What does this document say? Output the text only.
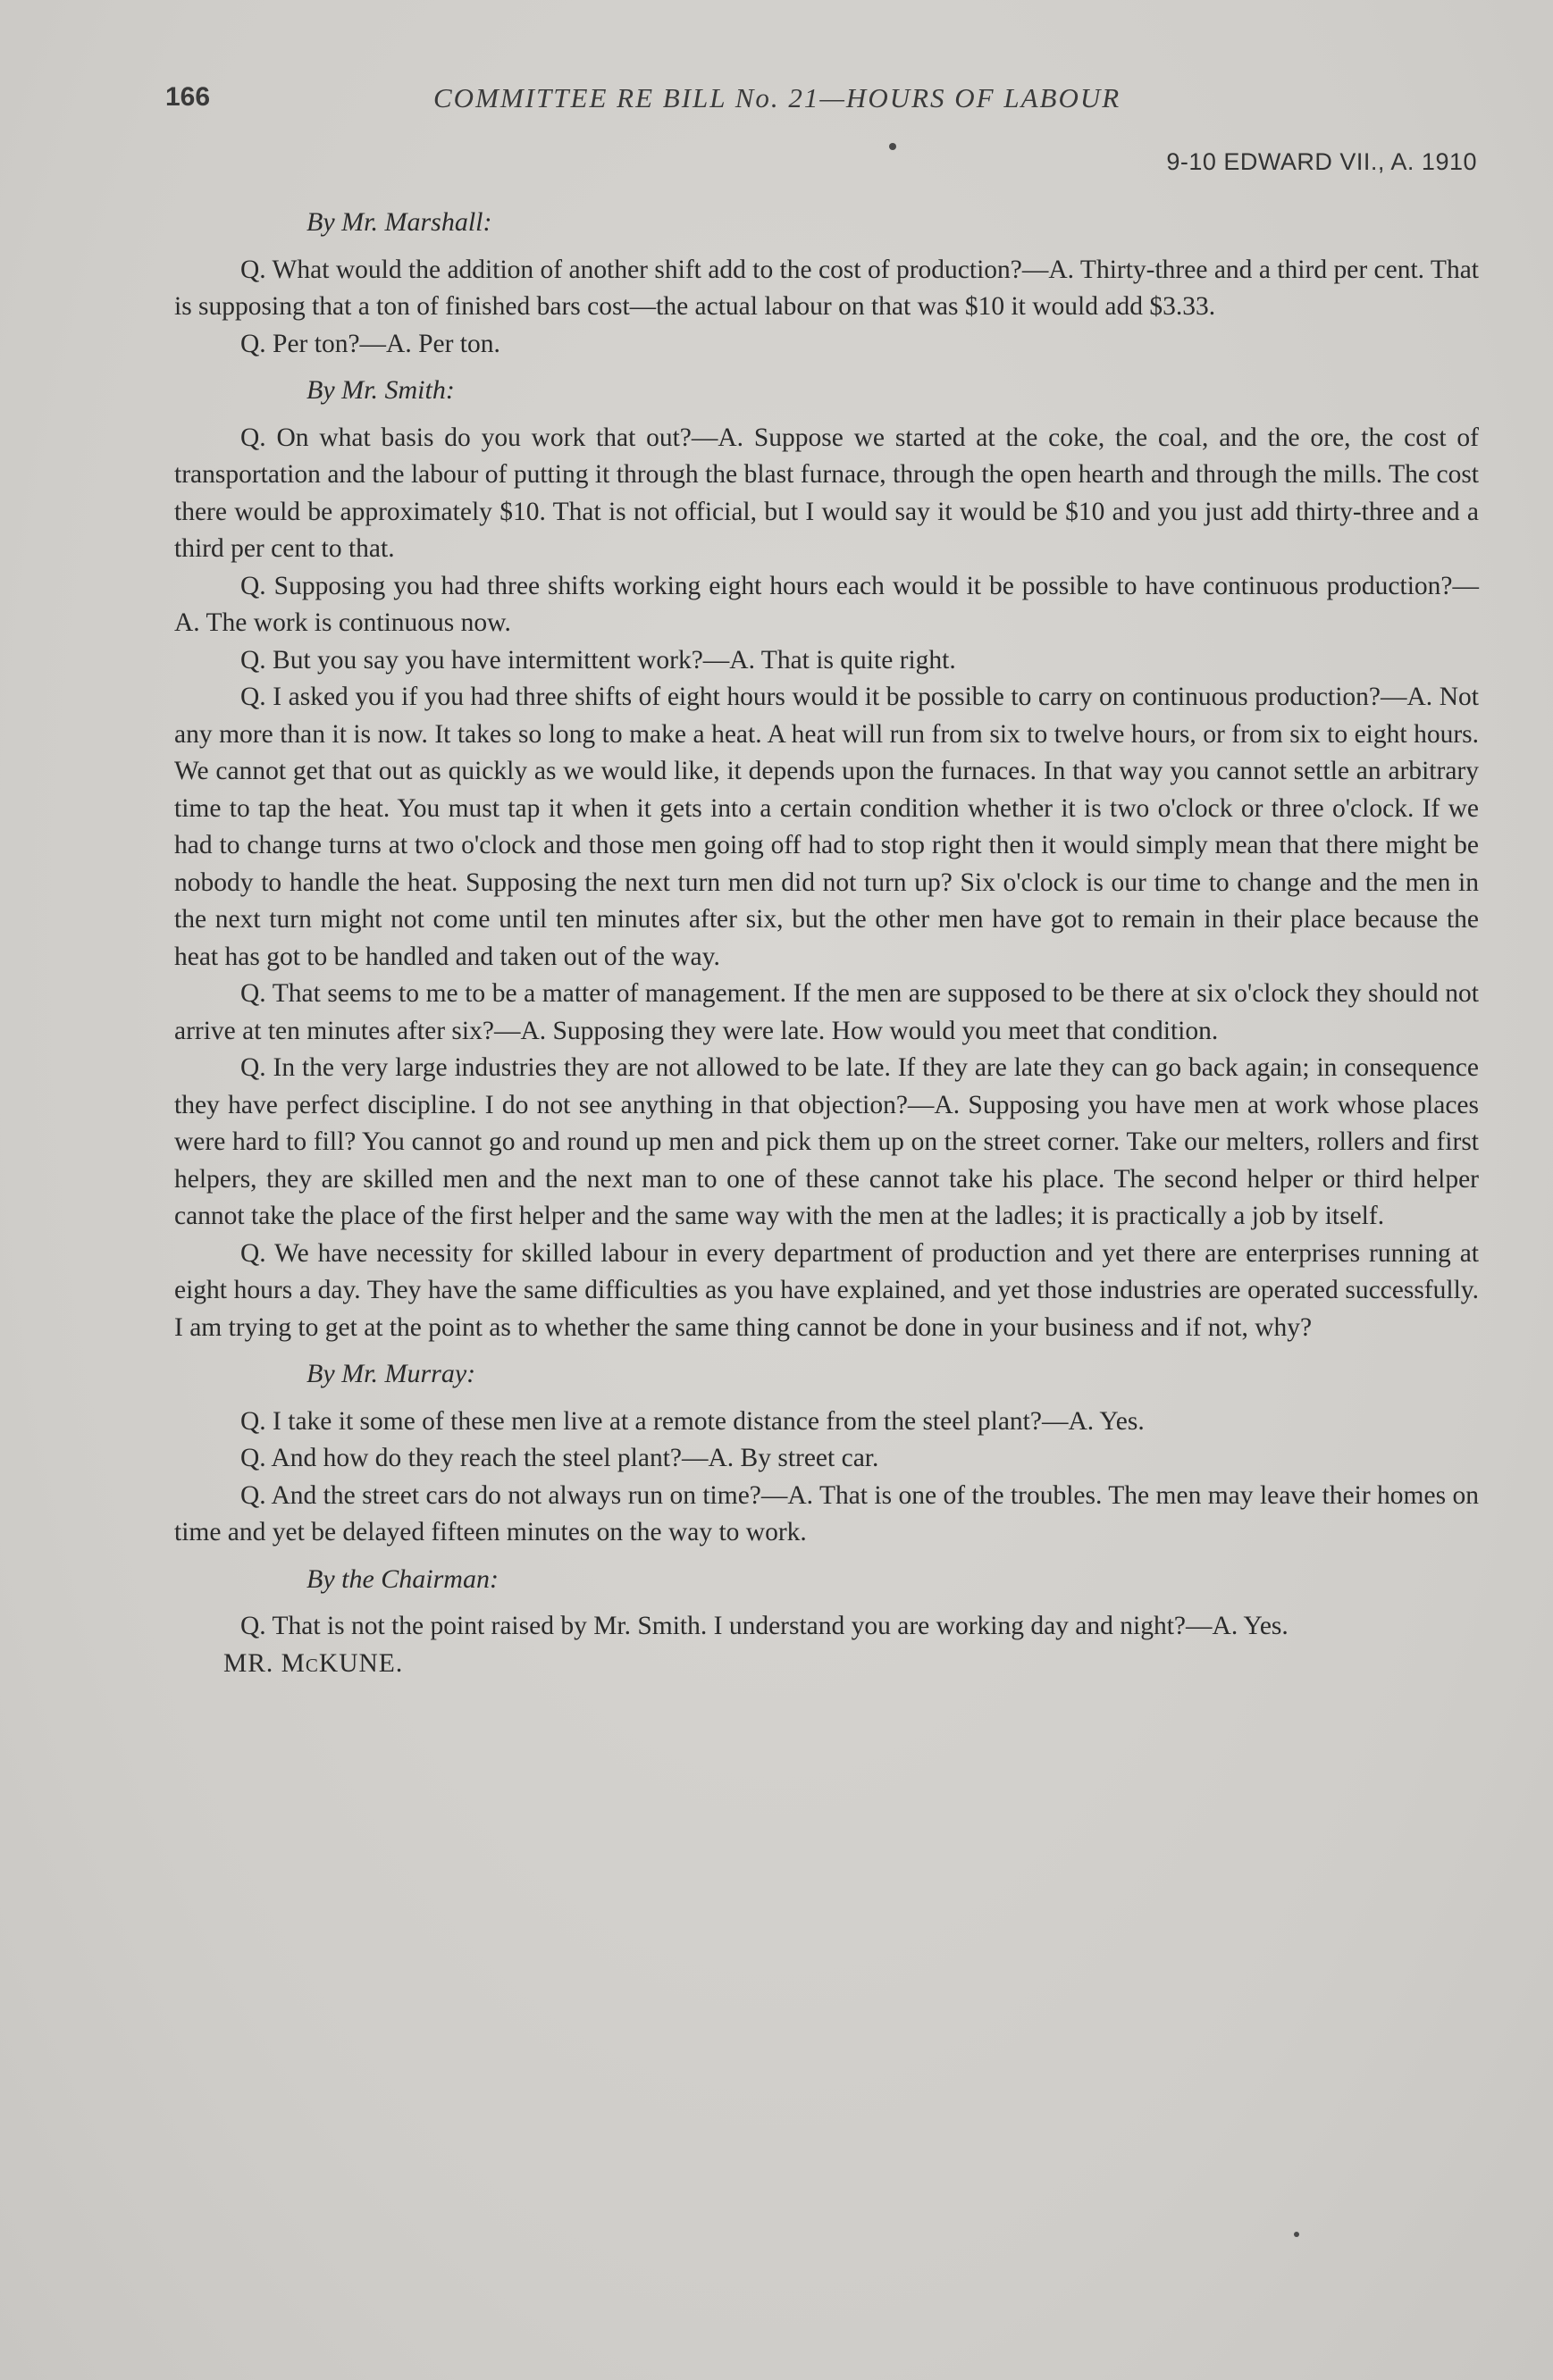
166	COMMITTEE RE BILL No. 21—HOURS OF LABOUR
9-10 EDWARD VII., A. 1910

By Mr. Marshall:

Q. What would the addition of another shift add to the cost of production?—A. Thirty-three and a third per cent. That is supposing that a ton of finished bars cost—the actual labour on that was $10 it would add $3.33.

Q. Per ton?—A. Per ton.

By Mr. Smith:

Q. On what basis do you work that out?—A. Suppose we started at the coke, the coal, and the ore, the cost of transportation and the labour of putting it through the blast furnace, through the open hearth and through the mills. The cost there would be approximately $10. That is not official, but I would say it would be $10 and you just add thirty-three and a third per cent to that.

Q. Supposing you had three shifts working eight hours each would it be possible to have continuous production?—A. The work is continuous now.

Q. But you say you have intermittent work?—A. That is quite right.

Q. I asked you if you had three shifts of eight hours would it be possible to carry on continuous production?—A. Not any more than it is now. It takes so long to make a heat. A heat will run from six to twelve hours, or from six to eight hours. We cannot get that out as quickly as we would like, it depends upon the furnaces. In that way you cannot settle an arbitrary time to tap the heat. You must tap it when it gets into a certain condition whether it is two o'clock or three o'clock. If we had to change turns at two o'clock and those men going off had to stop right then it would simply mean that there might be nobody to handle the heat. Supposing the next turn men did not turn up? Six o'clock is our time to change and the men in the next turn might not come until ten minutes after six, but the other men have got to remain in their place because the heat has got to be handled and taken out of the way.

Q. That seems to me to be a matter of management. If the men are supposed to be there at six o'clock they should not arrive at ten minutes after six?—A. Supposing they were late. How would you meet that condition.

Q. In the very large industries they are not allowed to be late. If they are late they can go back again; in consequence they have perfect discipline. I do not see anything in that objection?—A. Supposing you have men at work whose places were hard to fill? You cannot go and round up men and pick them up on the street corner. Take our melters, rollers and first helpers, they are skilled men and the next man to one of these cannot take his place. The second helper or third helper cannot take the place of the first helper and the same way with the men at the ladles; it is practically a job by itself.

Q. We have necessity for skilled labour in every department of production and yet there are enterprises running at eight hours a day. They have the same difficulties as you have explained, and yet those industries are operated successfully. I am trying to get at the point as to whether the same thing cannot be done in your business and if not, why?

By Mr. Murray:

Q. I take it some of these men live at a remote distance from the steel plant?—A. Yes.

Q. And how do they reach the steel plant?—A. By street car.

Q. And the street cars do not always run on time?—A. That is one of the troubles. The men may leave their homes on time and yet be delayed fifteen minutes on the way to work.

By the Chairman:

Q. That is not the point raised by Mr. Smith. I understand you are working day and night?—A. Yes.

MR. McKUNE.
